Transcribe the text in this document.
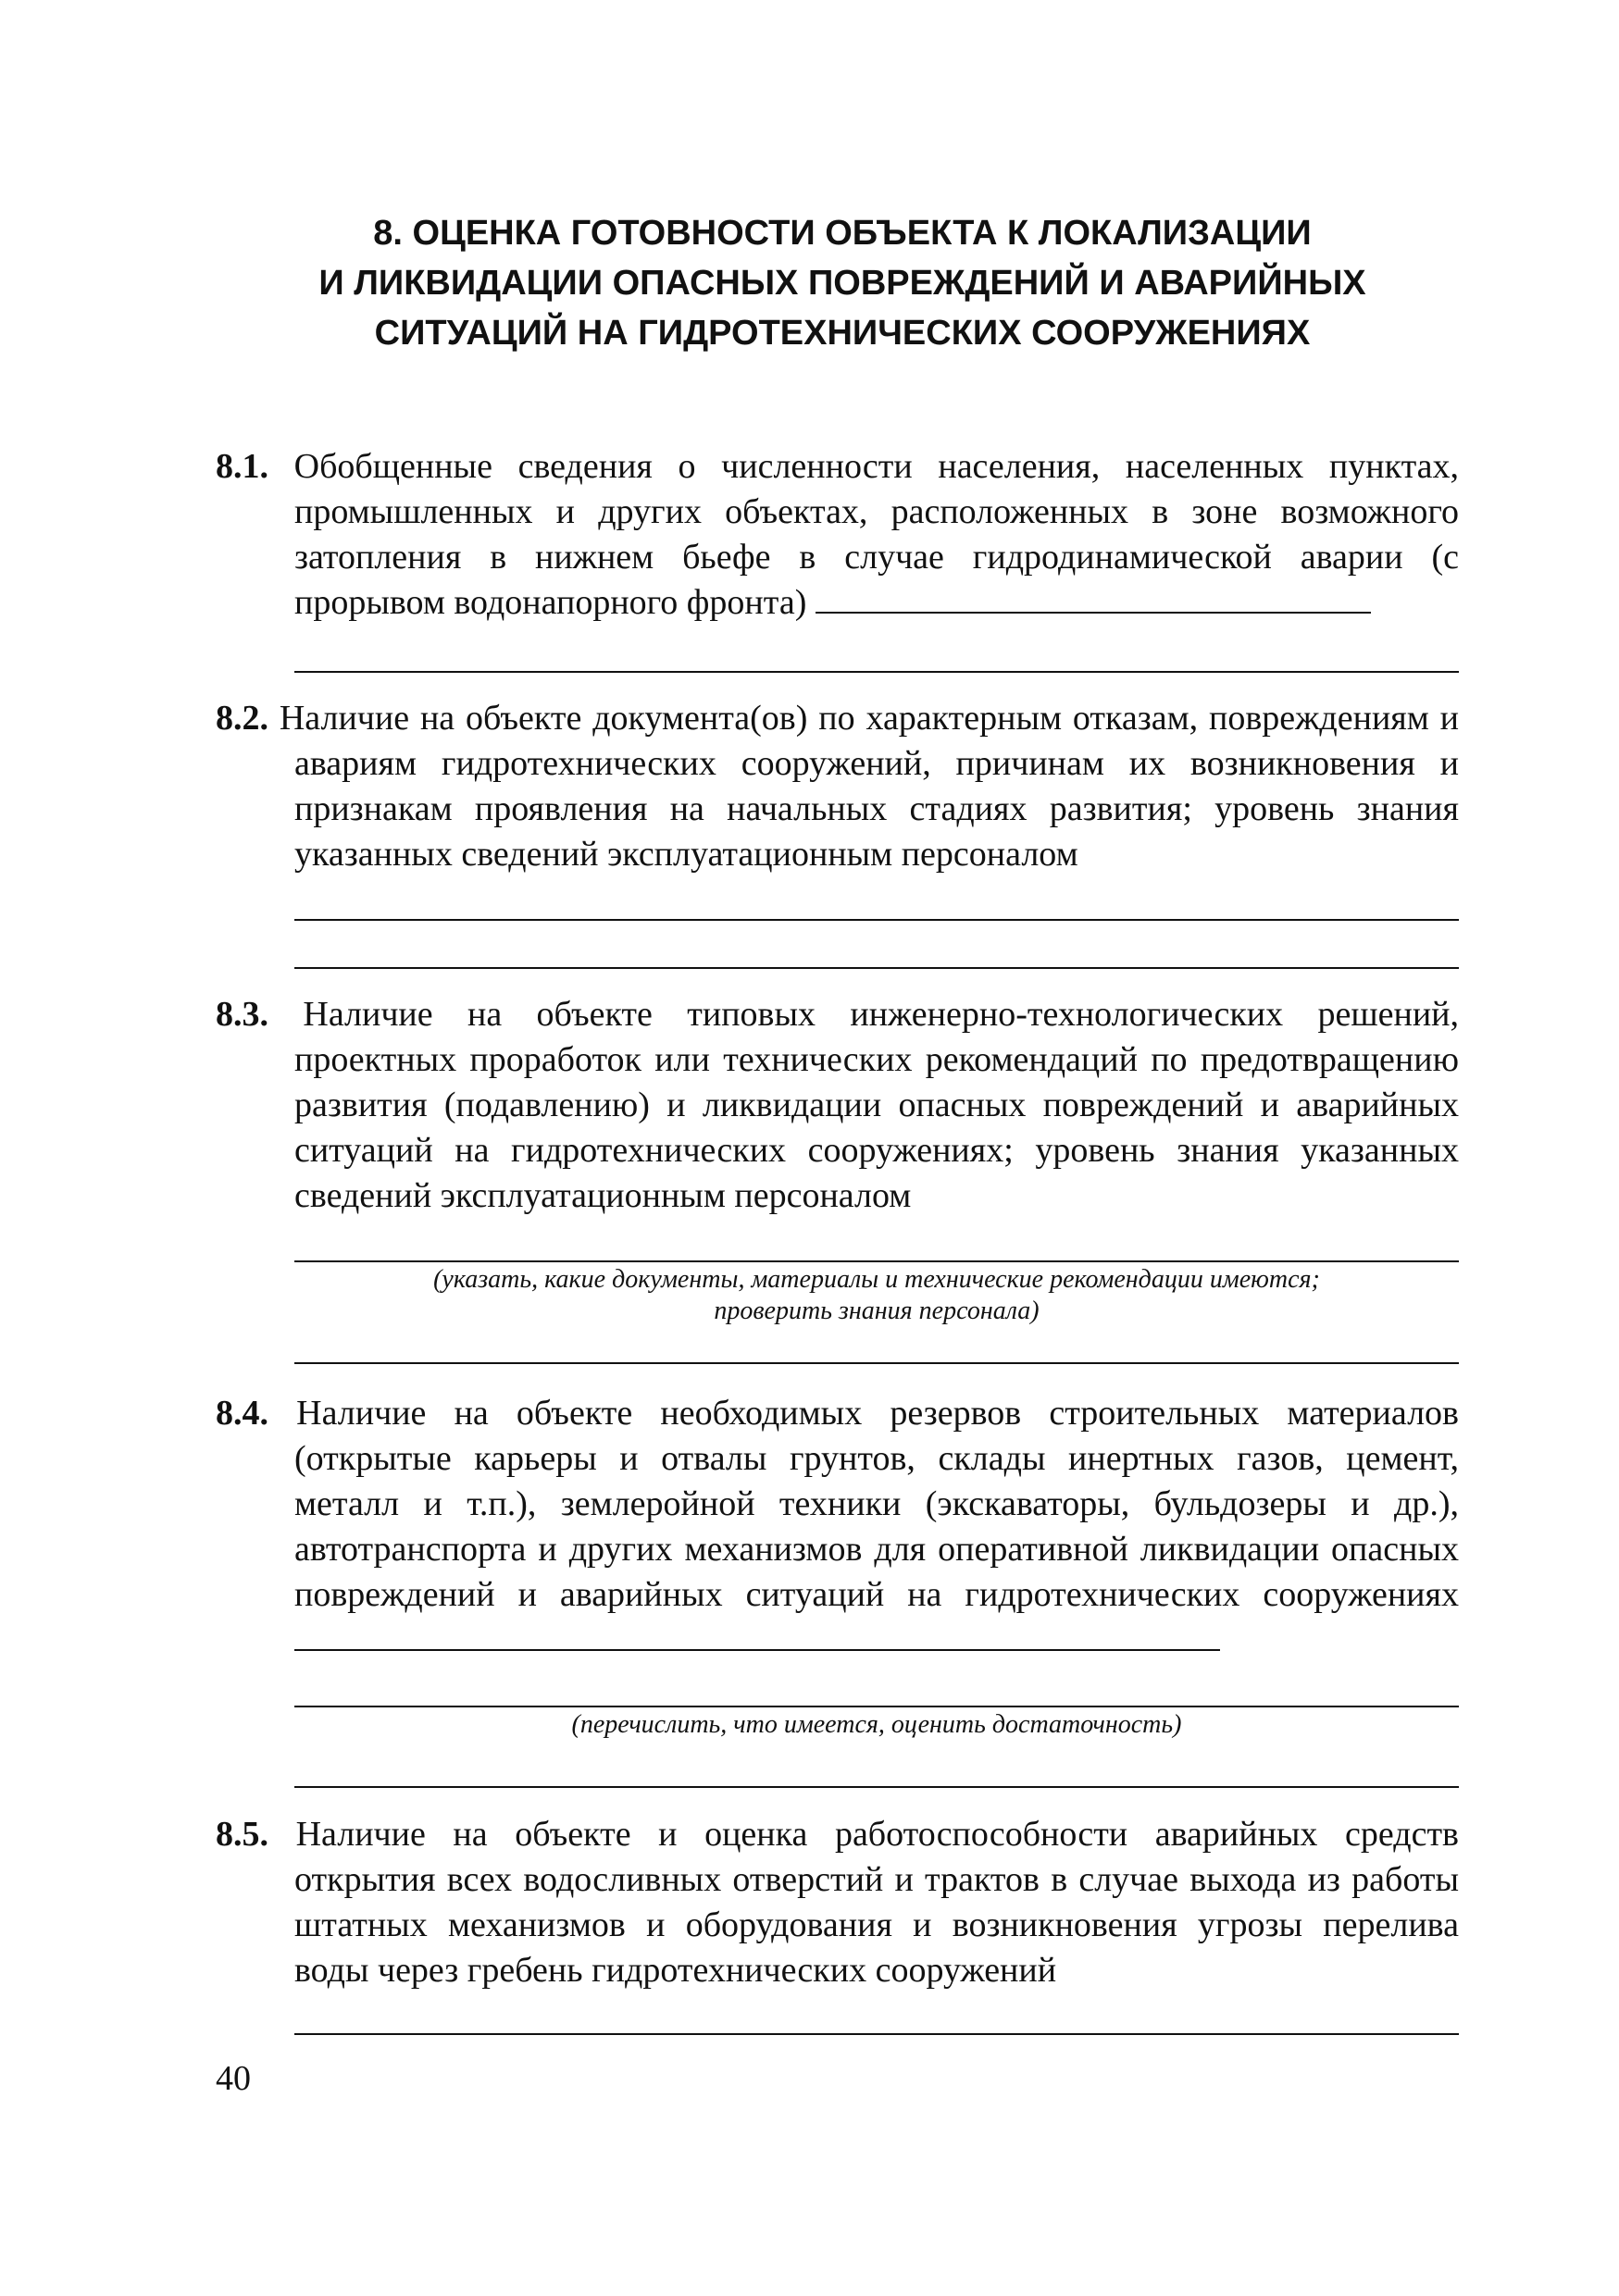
8. ОЦЕНКА ГОТОВНОСТИ ОБЪЕКТА К ЛОКАЛИЗАЦИИ
И ЛИКВИДАЦИИ ОПАСНЫХ ПОВРЕЖДЕНИЙ И АВАРИЙНЫХ
СИТУАЦИЙ НА ГИДРОТЕХНИЧЕСКИХ СООРУЖЕНИЯХ

8.1. Обобщенные сведения о численности населения, населенных пунктах, промышленных и других объектах, расположенных в зоне возможного затопления в нижнем бьефе в случае гидродинамической аварии (с прорывом водонапорного фронта)

8.2. Наличие на объекте документа(ов) по характерным отказам, повреждениям и авариям гидротехнических сооружений, причинам их возникновения и признакам проявления на начальных стадиях развития; уровень знания указанных сведений эксплуатационным персоналом

8.3. Наличие на объекте типовых инженерно-технологических решений, проектных проработок или технических рекомендаций по предотвращению развития (подавлению) и ликвидации опасных повреждений и аварийных ситуаций на гидротехнических сооружениях; уровень знания указанных сведений эксплуатационным персоналом

(указать, какие документы, материалы и технические рекомендации имеются;
проверить знания персонала)

8.4. Наличие на объекте необходимых резервов строительных материалов (открытые карьеры и отвалы грунтов, склады инертных газов, цемент, металл и т.п.), землеройной техники (экскаваторы, бульдозеры и др.), автотранспорта и других механизмов для оперативной ликвидации опасных повреждений и аварийных ситуаций на гидротехнических сооружениях

(перечислить, что имеется, оценить достаточность)

8.5. Наличие на объекте и оценка работоспособности аварийных средств открытия всех водосливных отверстий и трактов в случае выхода из работы штатных механизмов и оборудования и возникновения угрозы перелива воды через гребень гидротехнических сооружений

40
